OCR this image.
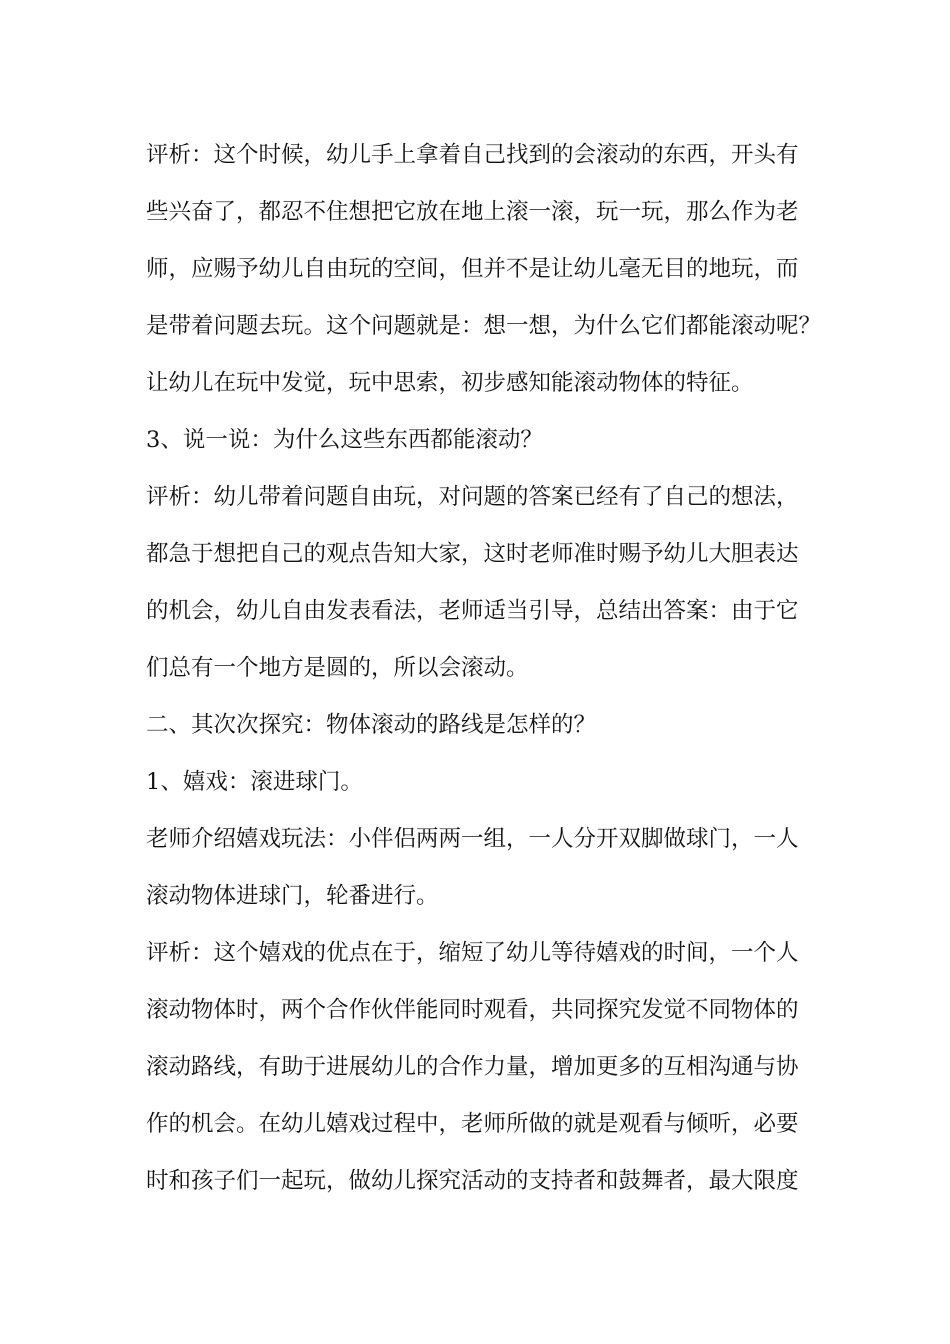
评析：这个时候，幼儿手上拿着自己找到的会滚动的东西，开头有
些兴奋了，都忍不住想把它放在地上滚一滚，玩一玩，那么作为老
师，应赐予幼儿自由玩的空间，但并不是让幼儿毫无目的地玩，而
是带着问题去玩。这个问题就是：想一想，为什么它们都能滚动呢？
让幼儿在玩中发觉，玩中思索，初步感知能滚动物体的特征。
3、说一说：为什么这些东西都能滚动？
评析：幼儿带着问题自由玩，对问题的答案已经有了自己的想法，
都急于想把自己的观点告知大家，这时老师准时赐予幼儿大胆表达
的机会，幼儿自由发表看法，老师适当引导，总结出答案：由于它
们总有一个地方是圆的，所以会滚动。
二、其次次探究：物体滚动的路线是怎样的？
1、嬉戏：滚进球门。
老师介绍嬉戏玩法：小伴侣两两一组，一人分开双脚做球门，一人
滚动物体进球门，轮番进行。
评析：这个嬉戏的优点在于，缩短了幼儿等待嬉戏的时间，一个人
滚动物体时，两个合作伙伴能同时观看，共同探究发觉不同物体的
滚动路线，有助于进展幼儿的合作力量，增加更多的互相沟通与协
作的机会。在幼儿嬉戏过程中，老师所做的就是观看与倾听，必要
时和孩子们一起玩，做幼儿探究活动的支持者和鼓舞者，最大限度
